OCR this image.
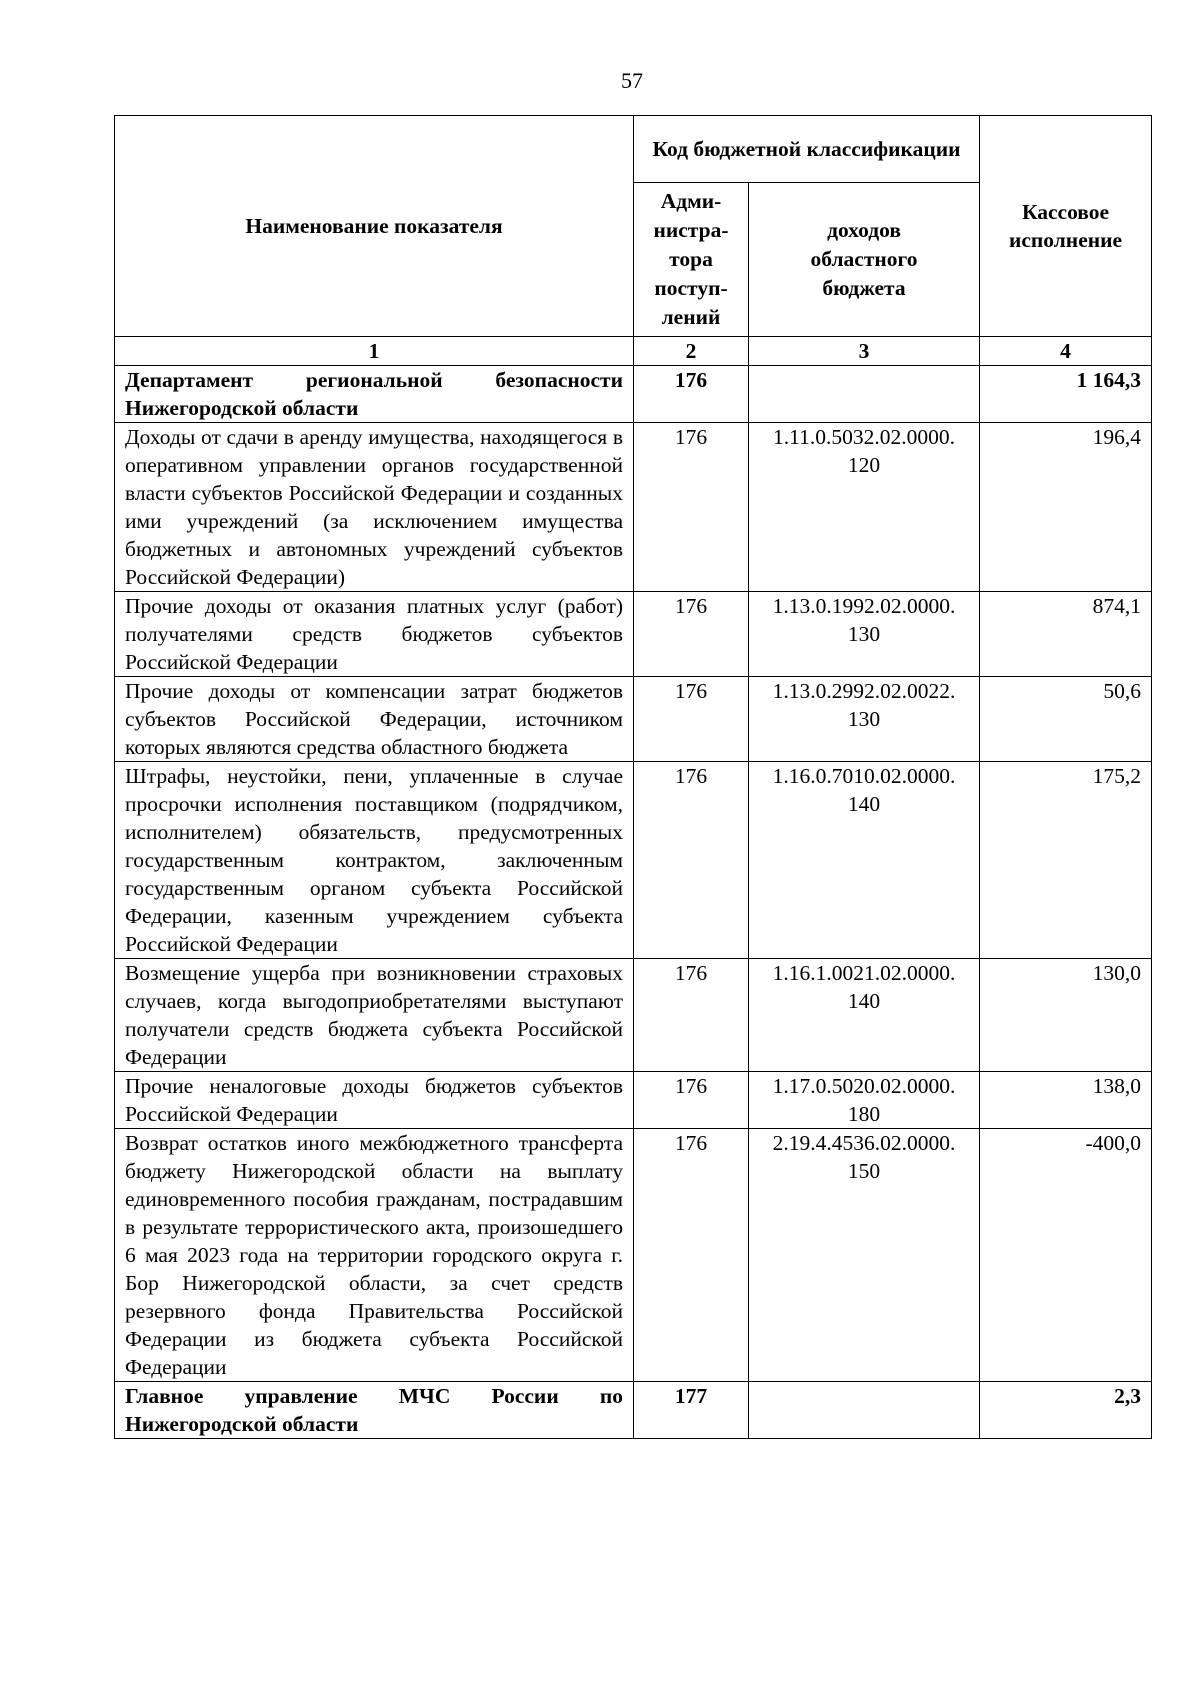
57
Наименование показателя	Код бюджетной классификации		Кассовое исполнение

	Адми-нистра-тора поступ-лений	доходов областного бюджета	
1	2	3	4
Департамент региональной безопасности Нижегородской области	176		1 164,3
Доходы от сдачи в аренду имущества, находящегося в оперативном управлении органов государственной власти субъектов Российской Федерации и созданных ими учреждений (за исключением имущества бюджетных и автономных учреждений субъектов Российской Федерации)	176	1.11.0.5032.02.0000. 120	196,4
Прочие доходы от оказания платных услуг (работ) получателями средств бюджетов субъектов Российской Федерации	176	1.13.0.1992.02.0000. 130	874,1
Прочие доходы от компенсации затрат бюджетов субъектов Российской Федерации, источником которых являются средства областного бюджета	176	1.13.0.2992.02.0022. 130	50,6
Штрафы, неустойки, пени, уплаченные в случае просрочки исполнения поставщиком (подрядчиком, исполнителем) обязательств, предусмотренных государственным контрактом, заключенным государственным органом субъекта Российской Федерации, казенным учреждением субъекта Российской Федерации	176	1.16.0.7010.02.0000. 140	175,2
Возмещение ущерба при возникновении страховых случаев, когда выгодоприобретателями выступают получатели средств бюджета субъекта Российской Федерации	176	1.16.1.0021.02.0000. 140	130,0
Прочие неналоговые доходы бюджетов субъектов Российской Федерации	176	1.17.0.5020.02.0000. 180	138,0
Возврат остатков иного межбюджетного трансферта бюджету Нижегородской области на выплату единовременного пособия гражданам, пострадавшим в результате террористического акта, произошедшего 6 мая 2023 года на территории городского округа г. Бор Нижегородской области, за счет средств резервного фонда Правительства Российской Федерации из бюджета субъекта Российской Федерации	176	2.19.4.4536.02.0000. 150	-400,0
Главное управление МЧС России по Нижегородской области	177		2,3
